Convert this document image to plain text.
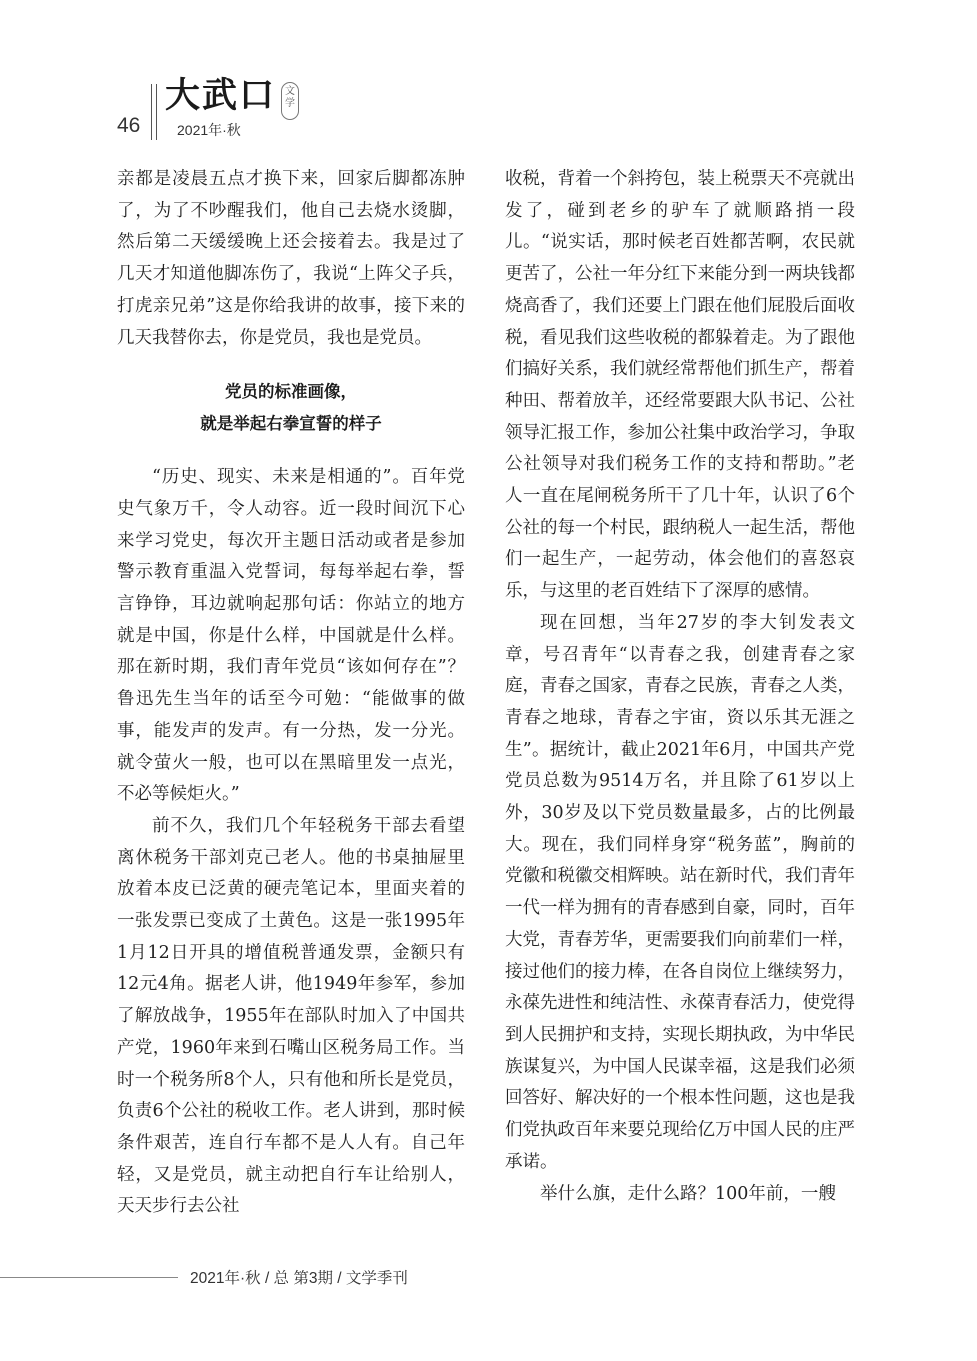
46
大武口 文学
2021年·秋

亲都是凌晨五点才换下来，回家后脚都冻肿了，为了不吵醒我们，他自己去烧水烫脚，然后第二天缓缓晚上还会接着去。我是过了几天才知道他脚冻伤了，我说“上阵父子兵，打虎亲兄弟”这是你给我讲的故事，接下来的几天我替你去，你是党员，我也是党员。

党员的标准画像，
就是举起右拳宣誓的样子

“历史、现实、未来是相通的”。百年党史气象万千，令人动容。近一段时间沉下心来学习党史，每次开主题日活动或者是参加警示教育重温入党誓词，每每举起右拳，誓言铮铮，耳边就响起那句话：你站立的地方就是中国，你是什么样，中国就是什么样。那在新时期，我们青年党员“该如何存在”？鲁迅先生当年的话至今可勉：“能做事的做事，能发声的发声。有一分热，发一分光。就令萤火一般，也可以在黑暗里发一点光，不必等候炬火。”

前不久，我们几个年轻税务干部去看望离休税务干部刘克己老人。他的书桌抽屉里放着本皮已泛黄的硬壳笔记本，里面夹着的一张发票已变成了土黄色。这是一张1995年1月12日开具的增值税普通发票，金额只有12元4角。据老人讲，他1949年参军，参加了解放战争，1955年在部队时加入了中国共产党，1960年来到石嘴山区税务局工作。当时一个税务所8个人，只有他和所长是党员，负责6个公社的税收工作。老人讲到，那时候条件艰苦，连自行车都不是人人有。自己年轻，又是党员，就主动把自行车让给别人，天天步行去公社

收税，背着一个斜挎包，装上税票天不亮就出发了，碰到老乡的驴车了就顺路捎一段儿。“说实话，那时候老百姓都苦啊，农民就更苦了，公社一年分红下来能分到一两块钱都烧高香了，我们还要上门跟在他们屁股后面收税，看见我们这些收税的都躲着走。为了跟他们搞好关系，我们就经常帮他们抓生产，帮着种田、帮着放羊，还经常要跟大队书记、公社领导汇报工作，参加公社集中政治学习，争取公社领导对我们税务工作的支持和帮助。”老人一直在尾闸税务所干了几十年，认识了6个公社的每一个村民，跟纳税人一起生活，帮他们一起生产，一起劳动，体会他们的喜怒哀乐，与这里的老百姓结下了深厚的感情。

现在回想，当年27岁的李大钊发表文章，号召青年“以青春之我，创建青春之家庭，青春之国家，青春之民族，青春之人类，青春之地球，青春之宇宙，资以乐其无涯之生”。据统计，截止2021年6月，中国共产党党员总数为9514万名，并且除了61岁以上外，30岁及以下党员数量最多，占的比例最大。现在，我们同样身穿“税务蓝”，胸前的党徽和税徽交相辉映。站在新时代，我们青年一代一样为拥有的青春感到自豪，同时，百年大党，青春芳华，更需要我们向前辈们一样，接过他们的接力棒，在各自岗位上继续努力，永葆先进性和纯洁性、永葆青春活力，使党得到人民拥护和支持，实现长期执政，为中华民族谋复兴，为中国人民谋幸福，这是我们必须回答好、解决好的一个根本性问题，这也是我们党执政百年来要兑现给亿万中国人民的庄严承诺。

举什么旗，走什么路？100年前，一艘

2021年·秋 / 总 第3期 / 文学季刊
